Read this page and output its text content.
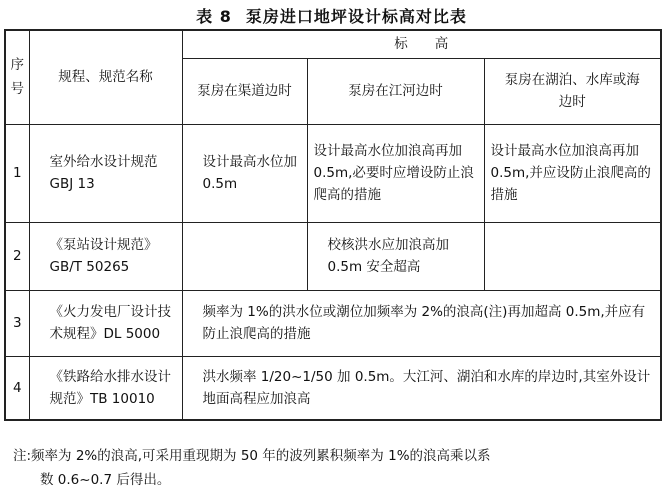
表 8 泵房进口地坪设计标高对比表
序号	规程、规范名称	标　　高		
		泵房在渠道边时	泵房在江河边时	泵房在湖泊、水库或海边时
1	室外给水设计规范 GBJ 13	设计最高水位加 0.5m	设计最高水位加浪高再加 0.5m,必要时应增设防止浪爬高的措施	设计最高水位加浪高再加 0.5m,并应设防止浪爬高的措施
2	《泵站设计规范》GB/T 50265		校核洪水应加浪高加 0.5m 安全超高	
3	《火力发电厂设计技术规程》DL 5000	频率为 1%的洪水位或潮位加频率为 2%的浪高(注)再加超高 0.5m,并应有防止浪爬高的措施		
4	《铁路给水排水设计规范》TB 10010	洪水频率 1/20~1/50 加 0.5m。大江河、湖泊和水库的岸边时,其室外设计地面高程应加浪高		
注:频率为 2%的浪高,可采用重现期为 50 年的波列累积频率为 1%的浪高乘以系
数 0.6~0.7 后得出。
